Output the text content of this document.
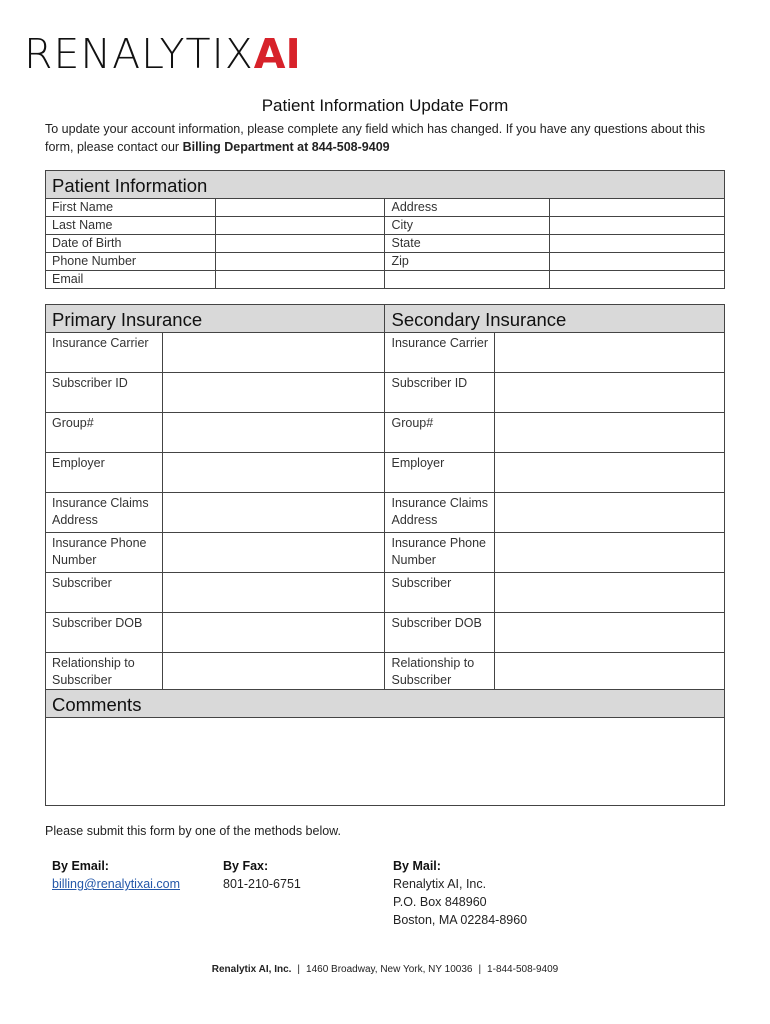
RENALYTIXAI
Patient Information Update Form
To update your account information, please complete any field which has changed. If you have any questions about this form, please contact our Billing Department at 844-508-9409
Patient Information			
First Name		Address	
Last Name		City	
Date of Birth		State	
Phone Number		Zip	
Email			
Primary Insurance		Secondary Insurance	
Insurance Carrier		Insurance Carrier	
Subscriber ID		Subscriber ID	
Group#		Group#	
Employer		Employer	
Insurance Claims Address		Insurance Claims Address	
Insurance Phone Number		Insurance Phone Number	
Subscriber		Subscriber	
Subscriber DOB		Subscriber DOB	
Relationship to Subscriber		Relationship to Subscriber	
Comments

Please submit this form by one of the methods below.
By Email:
billing@renalytixai.com
By Fax:
801-210-6751
By Mail:
Renalytix AI, Inc.
P.O. Box 848960
Boston, MA 02284-8960
Renalytix AI, Inc. | 1460 Broadway, New York, NY 10036 | 1-844-508-9409
